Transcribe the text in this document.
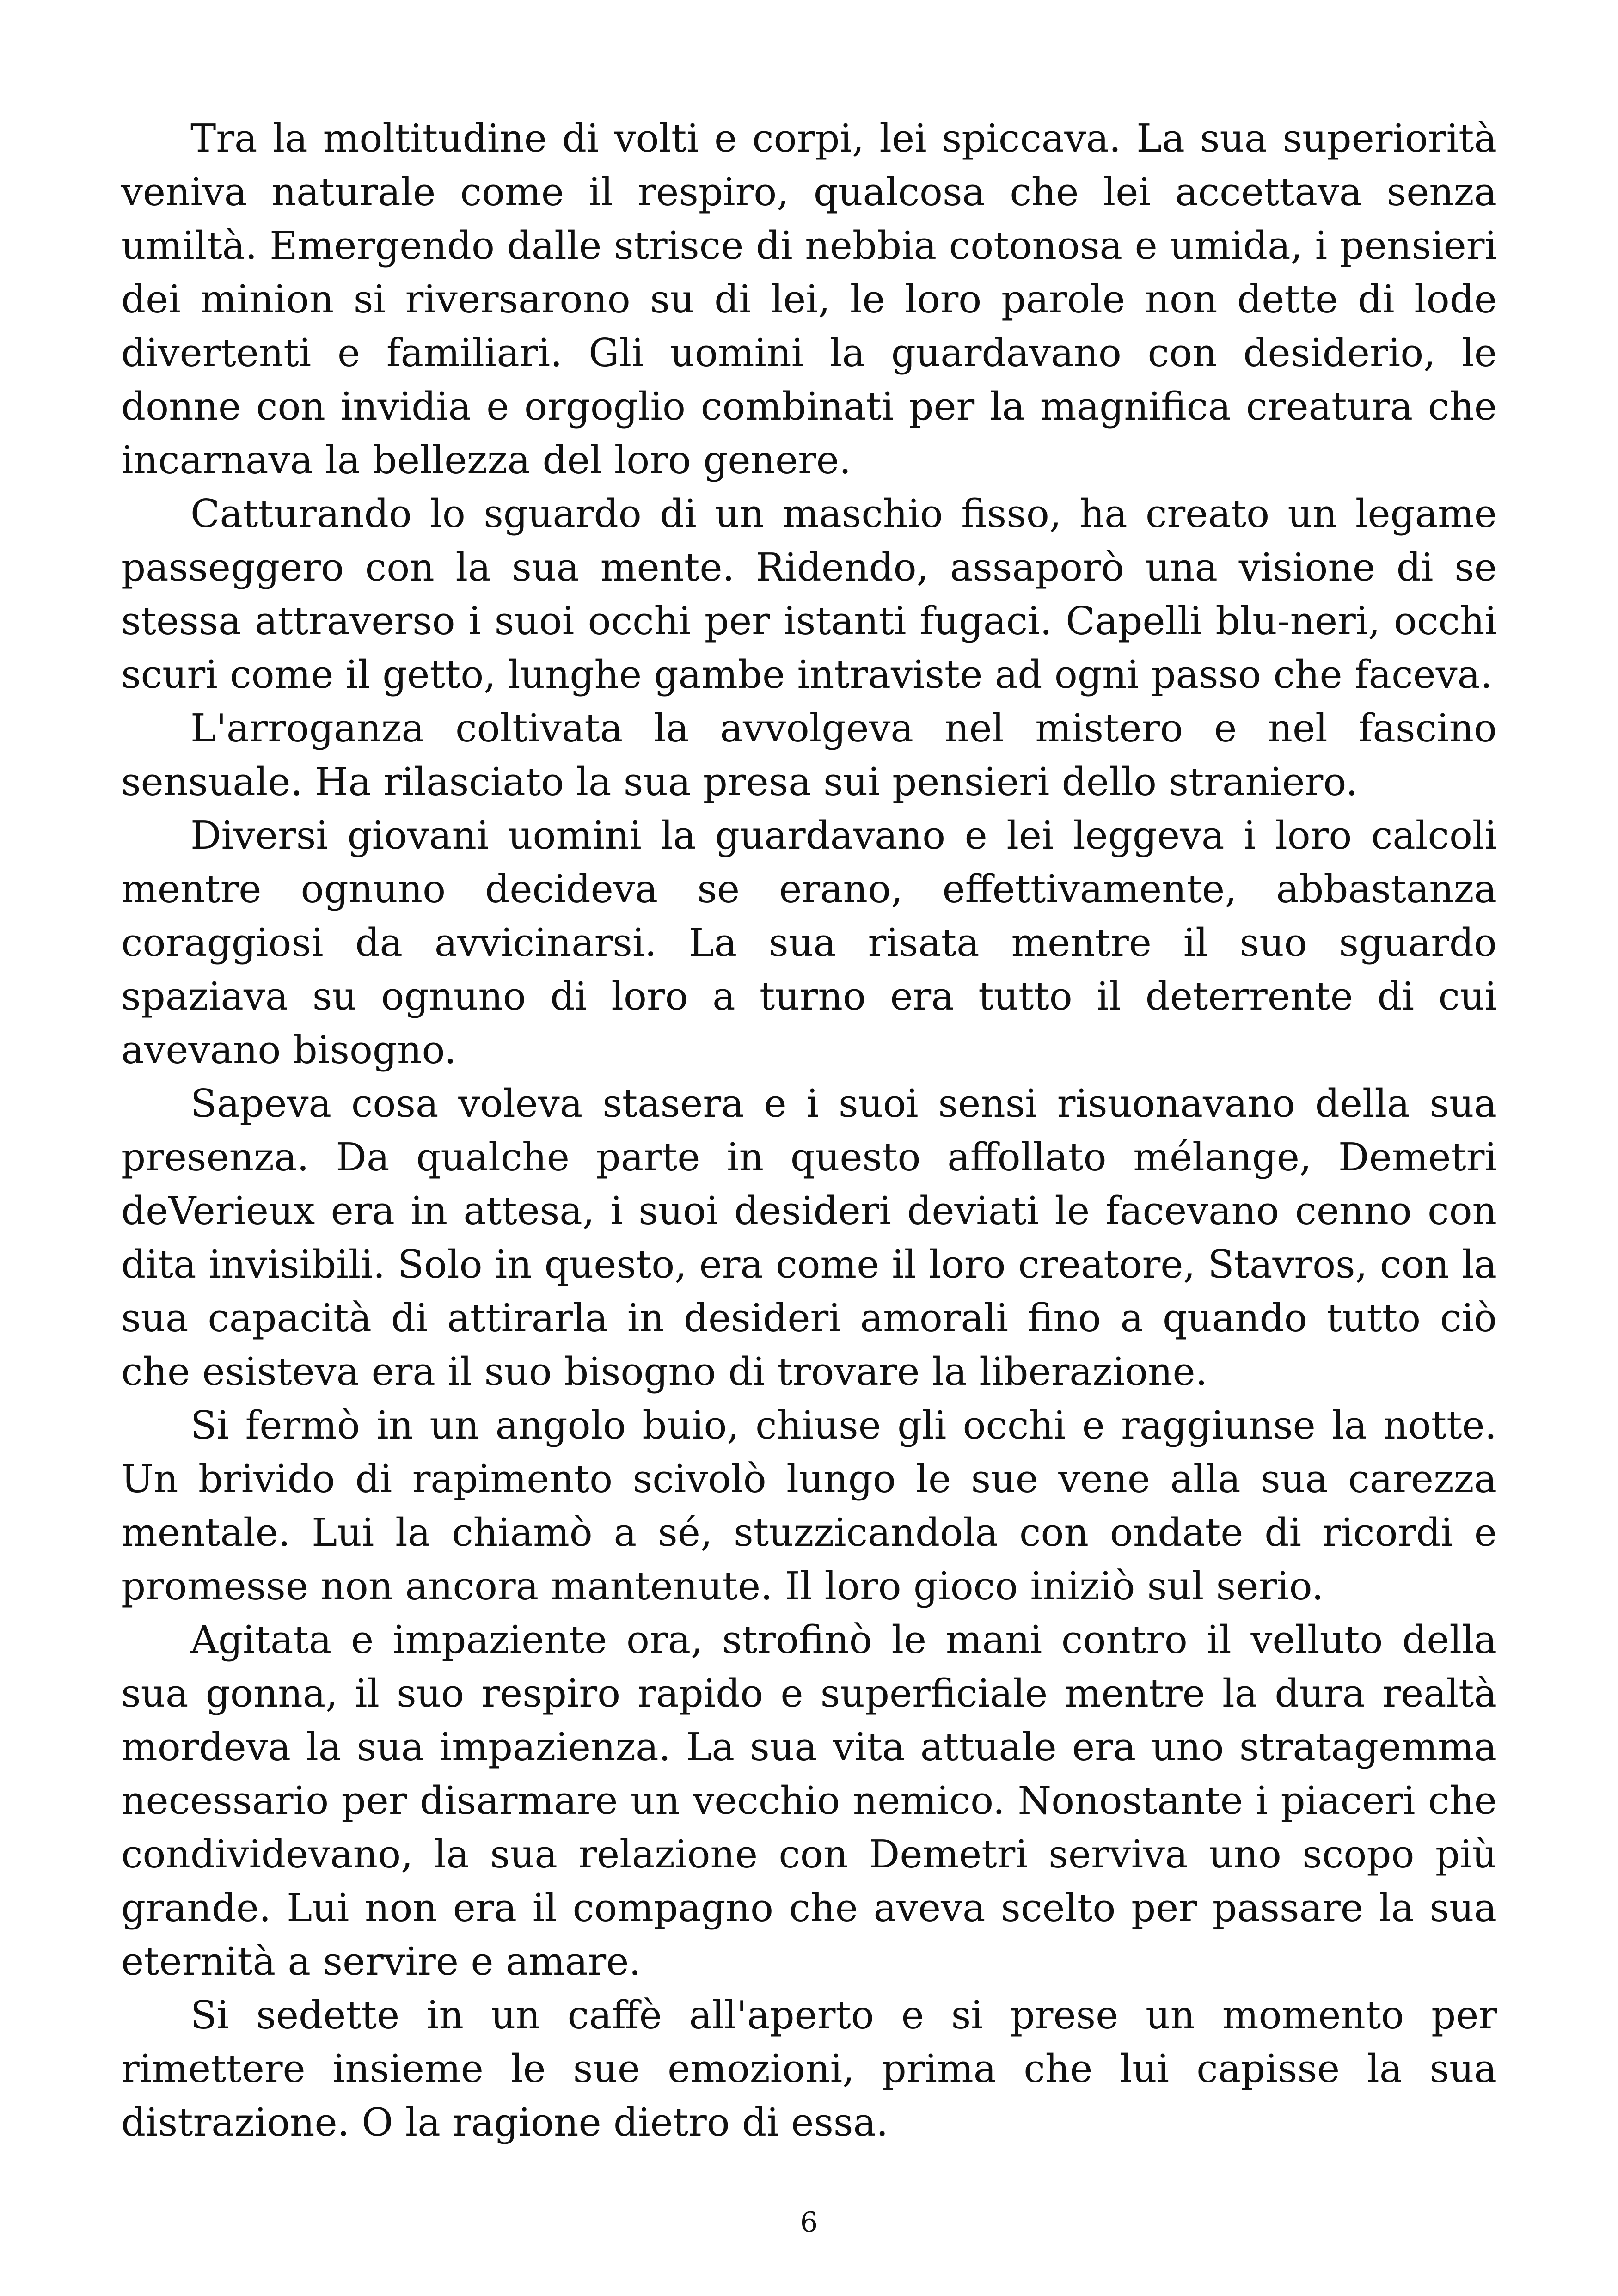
Tra la moltitudine di volti e corpi, lei spiccava. La sua superiorità veniva naturale come il respiro, qualcosa che lei accettava senza umiltà. Emergendo dalle strisce di nebbia cotonosa e umida, i pensieri dei minion si riversarono su di lei, le loro parole non dette di lode divertenti e familiari. Gli uomini la guardavano con desiderio, le donne con invidia e orgoglio combinati per la magnifica creatura che incarnava la bellezza del loro genere.

Catturando lo sguardo di un maschio fisso, ha creato un legame passeggero con la sua mente. Ridendo, assaporò una visione di se stessa attraverso i suoi occhi per istanti fugaci. Capelli blu-neri, occhi scuri come il getto, lunghe gambe intraviste ad ogni passo che faceva.

L'arroganza coltivata la avvolgeva nel mistero e nel fascino sensuale. Ha rilasciato la sua presa sui pensieri dello straniero.

Diversi giovani uomini la guardavano e lei leggeva i loro calcoli mentre ognuno decideva se erano, effettivamente, abbastanza coraggiosi da avvicinarsi. La sua risata mentre il suo sguardo spaziava su ognuno di loro a turno era tutto il deterrente di cui avevano bisogno.

Sapeva cosa voleva stasera e i suoi sensi risuonavano della sua presenza. Da qualche parte in questo affollato mélange, Demetri deVerieux era in attesa, i suoi desideri deviati le facevano cenno con dita invisibili. Solo in questo, era come il loro creatore, Stavros, con la sua capacità di attirarla in desideri amorali fino a quando tutto ciò che esisteva era il suo bisogno di trovare la liberazione.

Si fermò in un angolo buio, chiuse gli occhi e raggiunse la notte. Un brivido di rapimento scivolò lungo le sue vene alla sua carezza mentale. Lui la chiamò a sé, stuzzicandola con ondate di ricordi e promesse non ancora mantenute. Il loro gioco iniziò sul serio.

Agitata e impaziente ora, strofinò le mani contro il velluto della sua gonna, il suo respiro rapido e superficiale mentre la dura realtà mordeva la sua impazienza. La sua vita attuale era uno stratagemma necessario per disarmare un vecchio nemico. Nonostante i piaceri che condividevano, la sua relazione con Demetri serviva uno scopo più grande. Lui non era il compagno che aveva scelto per passare la sua eternità a servire e amare.

Si sedette in un caffè all'aperto e si prese un momento per rimettere insieme le sue emozioni, prima che lui capisse la sua distrazione. O la ragione dietro di essa.

6
